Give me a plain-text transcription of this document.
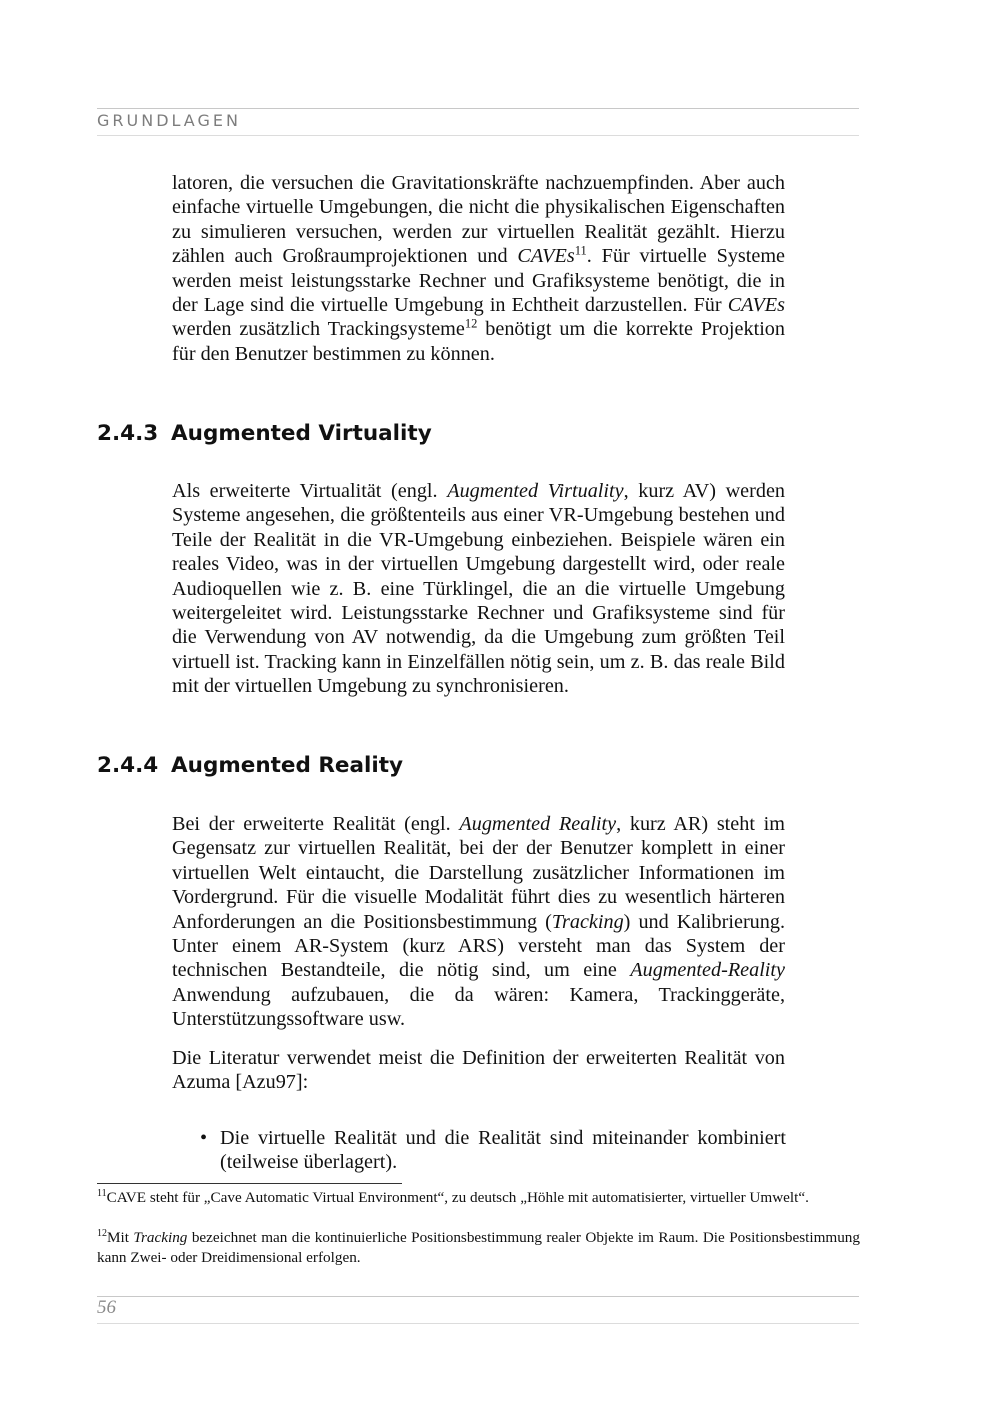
GRUNDLAGEN

latoren, die versuchen die Gravitationskräfte nachzuempfinden. Aber auch einfache virtuelle Umgebungen, die nicht die physikalischen Eigenschaften zu simulieren versuchen, werden zur virtuellen Realität gezählt. Hierzu zählen auch Großraumprojektionen und CAVEs$^{11}$. Für virtuelle Systeme werden meist leistungsstarke Rechner und Grafiksysteme benötigt, die in der Lage sind die virtuelle Umgebung in Echtheit darzustellen. Für CAVEs werden zusätzlich Trackingsysteme$^{12}$ benötigt um die korrekte Projektion für den Benutzer bestimmen zu können.

2.4.3 Augmented Virtuality

Als erweiterte Virtualität (engl. Augmented Virtuality, kurz AV) werden Systeme angesehen, die größtenteils aus einer VR-Umgebung bestehen und Teile der Realität in die VR-Umgebung einbeziehen. Beispiele wären ein reales Video, was in der virtuellen Umgebung dargestellt wird, oder reale Audioquellen wie z. B. eine Türklingel, die an die virtuelle Umgebung weitergeleitet wird. Leistungsstarke Rechner und Grafiksysteme sind für die Verwendung von AV notwendig, da die Umgebung zum größten Teil virtuell ist. Tracking kann in Einzelfällen nötig sein, um z. B. das reale Bild mit der virtuellen Umgebung zu synchronisieren.

2.4.4 Augmented Reality

Bei der erweiterte Realität (engl. Augmented Reality, kurz AR) steht im Gegensatz zur virtuellen Realität, bei der der Benutzer komplett in einer virtuellen Welt eintaucht, die Darstellung zusätzlicher Informationen im Vordergrund. Für die visuelle Modalität führt dies zu wesentlich härteren Anforderungen an die Positionsbestimmung (Tracking) und Kalibrierung. Unter einem AR-System (kurz ARS) versteht man das System der technischen Bestandteile, die nötig sind, um eine Augmented-Reality Anwendung aufzubauen, die da wären: Kamera, Trackinggeräte, Unterstützungssoftware usw.

Die Literatur verwendet meist die Definition der erweiterten Realität von Azuma [Azu97]:

• Die virtuelle Realität und die Realität sind miteinander kombiniert (teilweise überlagert).

$^{11}$CAVE steht für „Cave Automatic Virtual Environment“, zu deutsch „Höhle mit automatisierter, virtueller Umwelt“.

$^{12}$Mit Tracking bezeichnet man die kontinuierliche Positionsbestimmung realer Objekte im Raum. Die Positionsbestimmung kann Zwei- oder Dreidimensional erfolgen.

56
